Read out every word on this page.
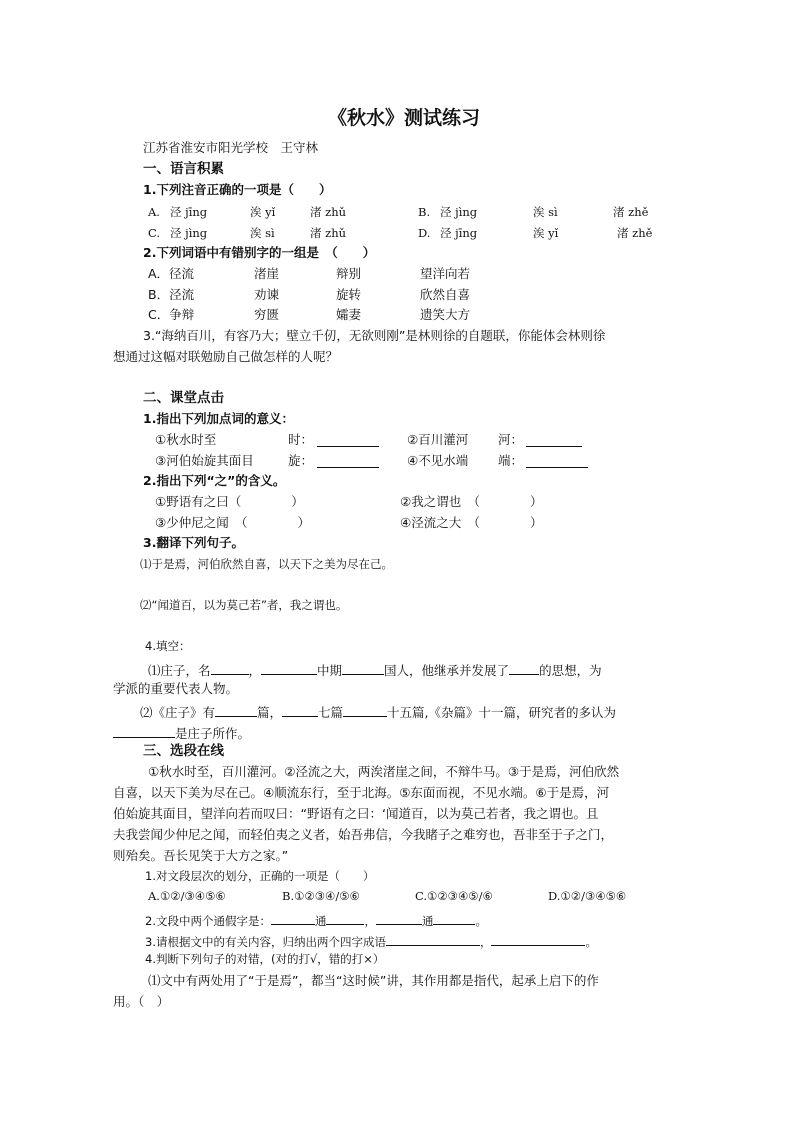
《秋水》测试练习
江苏省淮安市阳光学校　王守林
一、语言积累
1.下列注音正确的一项是（　　）
A. 泾 jīng	涘 yǐ	渚 zhǔ	B. 泾 jìng	涘 sì	渚 zhě
C. 泾 jìng	涘 sì	渚 zhǔ	D. 泾 jīng	涘 yǐ	渚 zhě
2.下列词语中有错别字的一组是　（　　）
A．径流	渚崖	辩别	望洋向若
B．泾流	劝谏	旋转	欣然自喜
C．争辩	穷匮	孀妻	遗笑大方
3.“海纳百川，有容乃大；壁立千仞，无欲则刚”是林则徐的自题联，你能体会林则徐
想通过这幅对联勉励自己做怎样的人呢？
二、课堂点击
1.指出下列加点词的意义：
①秋水时至	时：	②百川灌河 河：
③河伯始旋其面目	旋：	④不见水端 端：
2.指出下列“之”的含义。
①野语有之曰（　　　　）	②我之谓也　（　　　　）
③少仲尼之闻　（　　　　）	④泾流之大　（　　　　）
3.翻译下列句子。
⑴于是焉，河伯欣然自喜，以天下之美为尽在己。
⑵“闻道百，以为莫己若”者，我之谓也。
4.填空：
⑴庄子，名	，	中期	国人，他继承并发展了 的思想，为
学派的重要代表人物。
⑵《庄子》有	篇，	七篇	十五篇,《杂篇》十一篇，研究者的多认为
是庄子所作。
三、选段在线
①秋水时至，百川灌河。②泾流之大，两涘渚崖之间，不辩牛马。③于是焉，河伯欣然
自喜，以天下美为尽在己。④顺流东行，至于北海。⑤东面而视，不见水端。⑥于是焉，河
伯始旋其面目，望洋向若而叹曰：“野语有之曰：‘闻道百，以为莫己若者，我之谓也。且
夫我尝闻少仲尼之闻，而轻伯夷之义者，始吾弗信，今我睹子之难穷也，吾非至于子之门，
则殆矣。吾长见笑于大方之家。”
1.对文段层次的划分，正确的一项是（　　）
A.①②/③④⑤⑥	B.①②③④/⑤⑥	C.①②③④⑤/⑥	D.①②/③④⑤⑥
2.文段中两个通假字是：	通	，	通	。
3.请根据文中的有关内容，归纳出两个四字成语	，	。
4.判断下列句子的对错，(对的打√，错的打×）
⑴文中有两处用了“于是焉”，都当“这时候”讲，其作用都是指代，起承上启下的作
用。（　）
